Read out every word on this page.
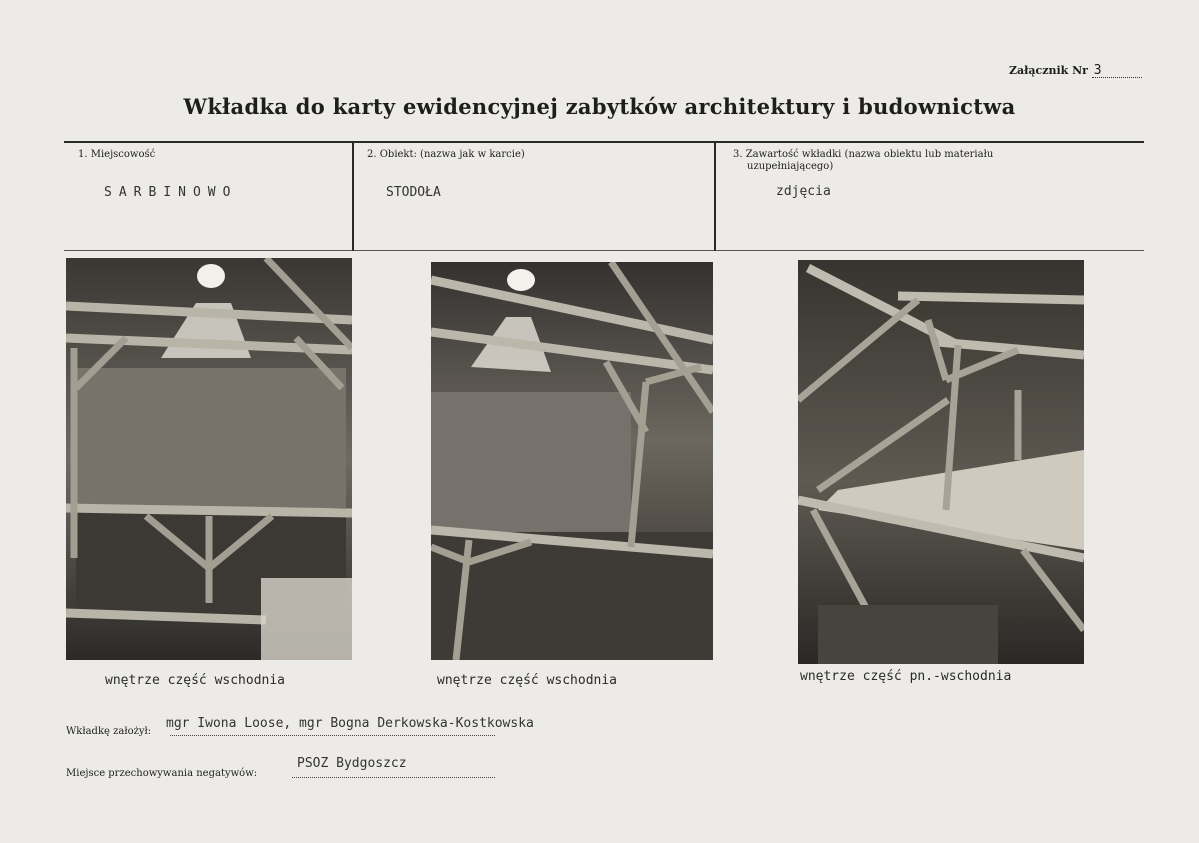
Załącznik Nr 3
Wkładka do karty ewidencyjnej zabytków architektury i budownictwa
1. Miejscowość
SARBINOWO
2. Obiekt: (nazwa jak w karcie)
STODOŁA
3. Zawartość wkładki (nazwa obiektu lub materiału
uzupełniającego)
zdjęcia
wnętrze część wschodnia	wnętrze część wschodnia	wnętrze część pn.-wschodnia
Wkładkę założył:
mgr Iwona Loose, mgr Bogna Derkowska-Kostkowska
Miejsce przechowywania negatywów:
PSOZ Bydgoszcz
